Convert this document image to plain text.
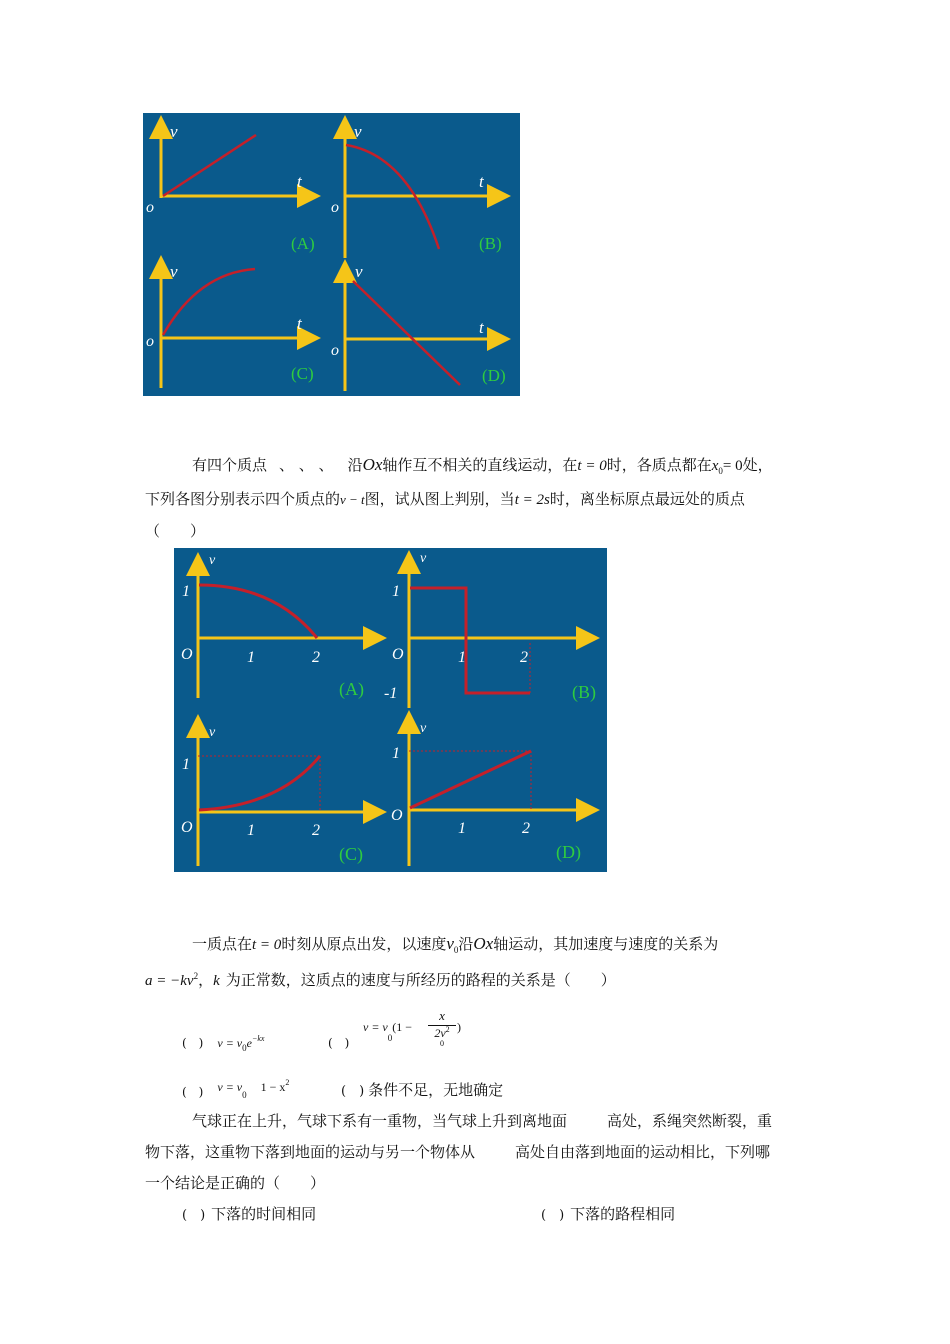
v
t
o
(A)
v
t
o
(B)
v
t
o
(C)
v
t
o
(D)
有四个质点 、 、 、 沿Ox轴作互不相关的直线运动，在t = 0时，各质点都在$x_0= 0$处，
下列各图分别表示四个质点的v − t图，试从图上判别，当t = 2s时，离坐标原点最远处的质点
（　　）
v
1
O	1	2
(A)
v
1
O	1	2
-1	(B)
v
1
O	1	2
(C)
v
1
O
1	2
(D)
一质点在t = 0时刻从原点出发，以速度$v_0$沿Ox轴运动，其加速度与速度的关系为
$a = -kv^2$，k 为正常数，这质点的速度与所经历的路程的关系是（　　）
(　) $v = v_0e^{-kx}$	(　)
$v = v_0(1$ −
x
$2v^2$
0
)
(　) $v = v_01 - x^2$
(　) 条件不足，无地确定
气球正在上升，气球下系有一重物，当气球上升到离地面	高处，系绳突然断裂，重
物下落，这重物下落到地面的运动与另一个物体从	高处自由落到地面的运动相比，下列哪
一个结论是正确的（　　）
(　) 下落的时间相同	(　) 下落的路程相同
